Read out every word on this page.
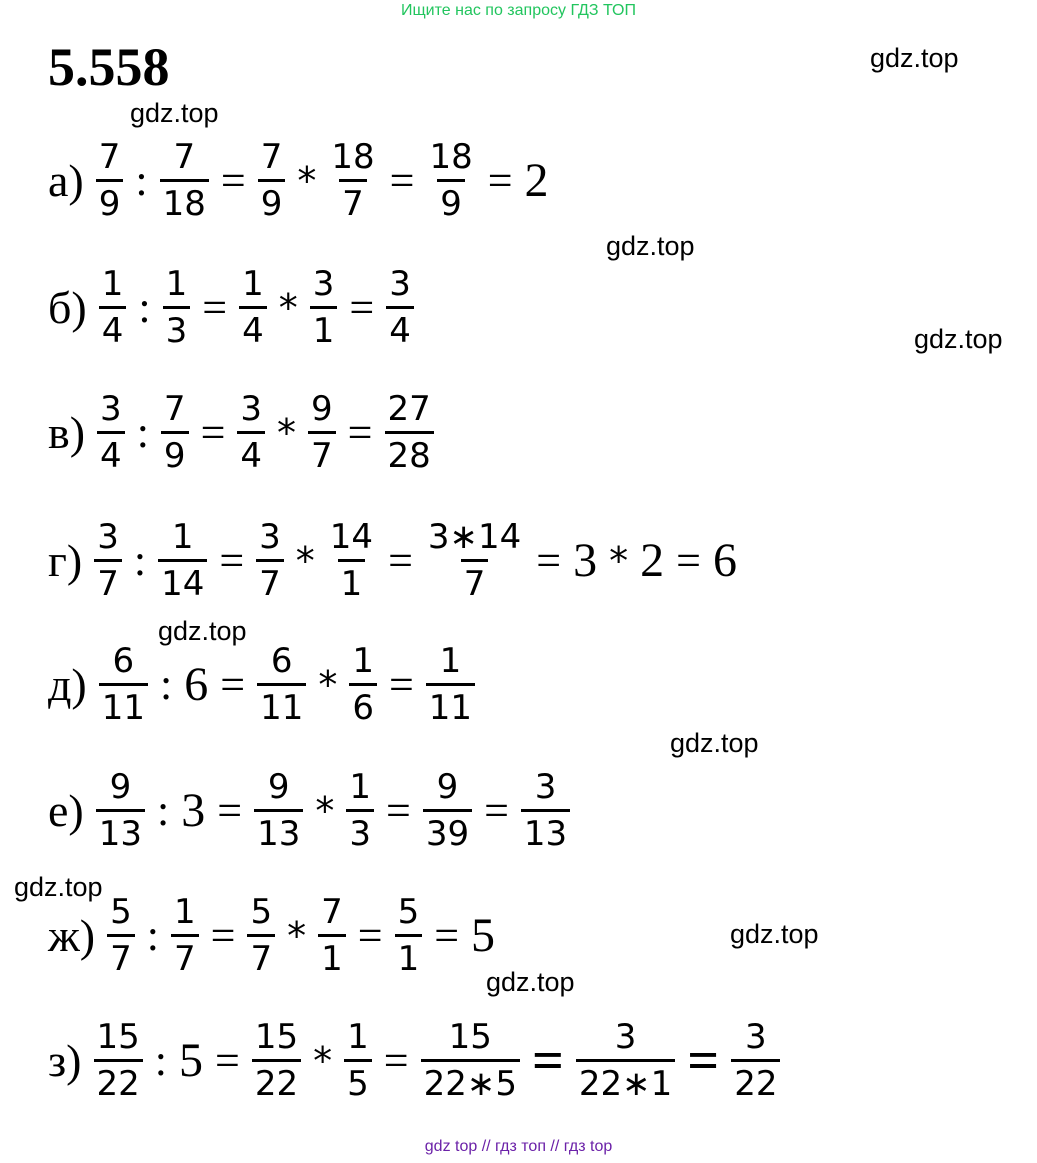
Ищите нас по запросу ГДЗ ТОП
5.558	gdz.top
gdz.top
gdz.top
gdz.top
gdz.top
gdz.top
gdz.top
gdz.top
gdz.top
$а) \frac{7}{9}$ : $\frac{7}{18} = \frac{7}{9} * \frac{18}{7} = \frac{18}{9} = 2$
$б) \frac{1}{4}$ : $\frac{1}{3} = \frac{1}{4} * \frac{3}{1} = \frac{3}{4}$
$в) \frac{3}{4}$ : $\frac{7}{9} = \frac{3}{4} * \frac{9}{7} = \frac{27}{28}$
$г) \frac{3}{7}$ : $\frac{1}{14} = \frac{3}{7} * \frac{14}{1} = \frac{3∗14}{7} = 3 * 2 = 6$
$д) \frac{6}{11}$ : $6 = \frac{6}{11} * \frac{1}{6} = \frac{1}{11}$
$е) \frac{9}{13}$ : $3 = \frac{9}{13} * \frac{1}{3} = \frac{9}{39} = \frac{3}{13}$
$ж) \frac{5}{7}$ : $\frac{1}{7} = \frac{5}{7} * \frac{7}{1} = \frac{5}{1} = 5$
$з) \frac{15}{22}$ : $5 = \frac{15}{22} * \frac{1}{5} = \frac{15}{22∗5} = \frac{3}{22∗1} = \frac{3}{22}$
gdz top // гдз топ // гдз top
